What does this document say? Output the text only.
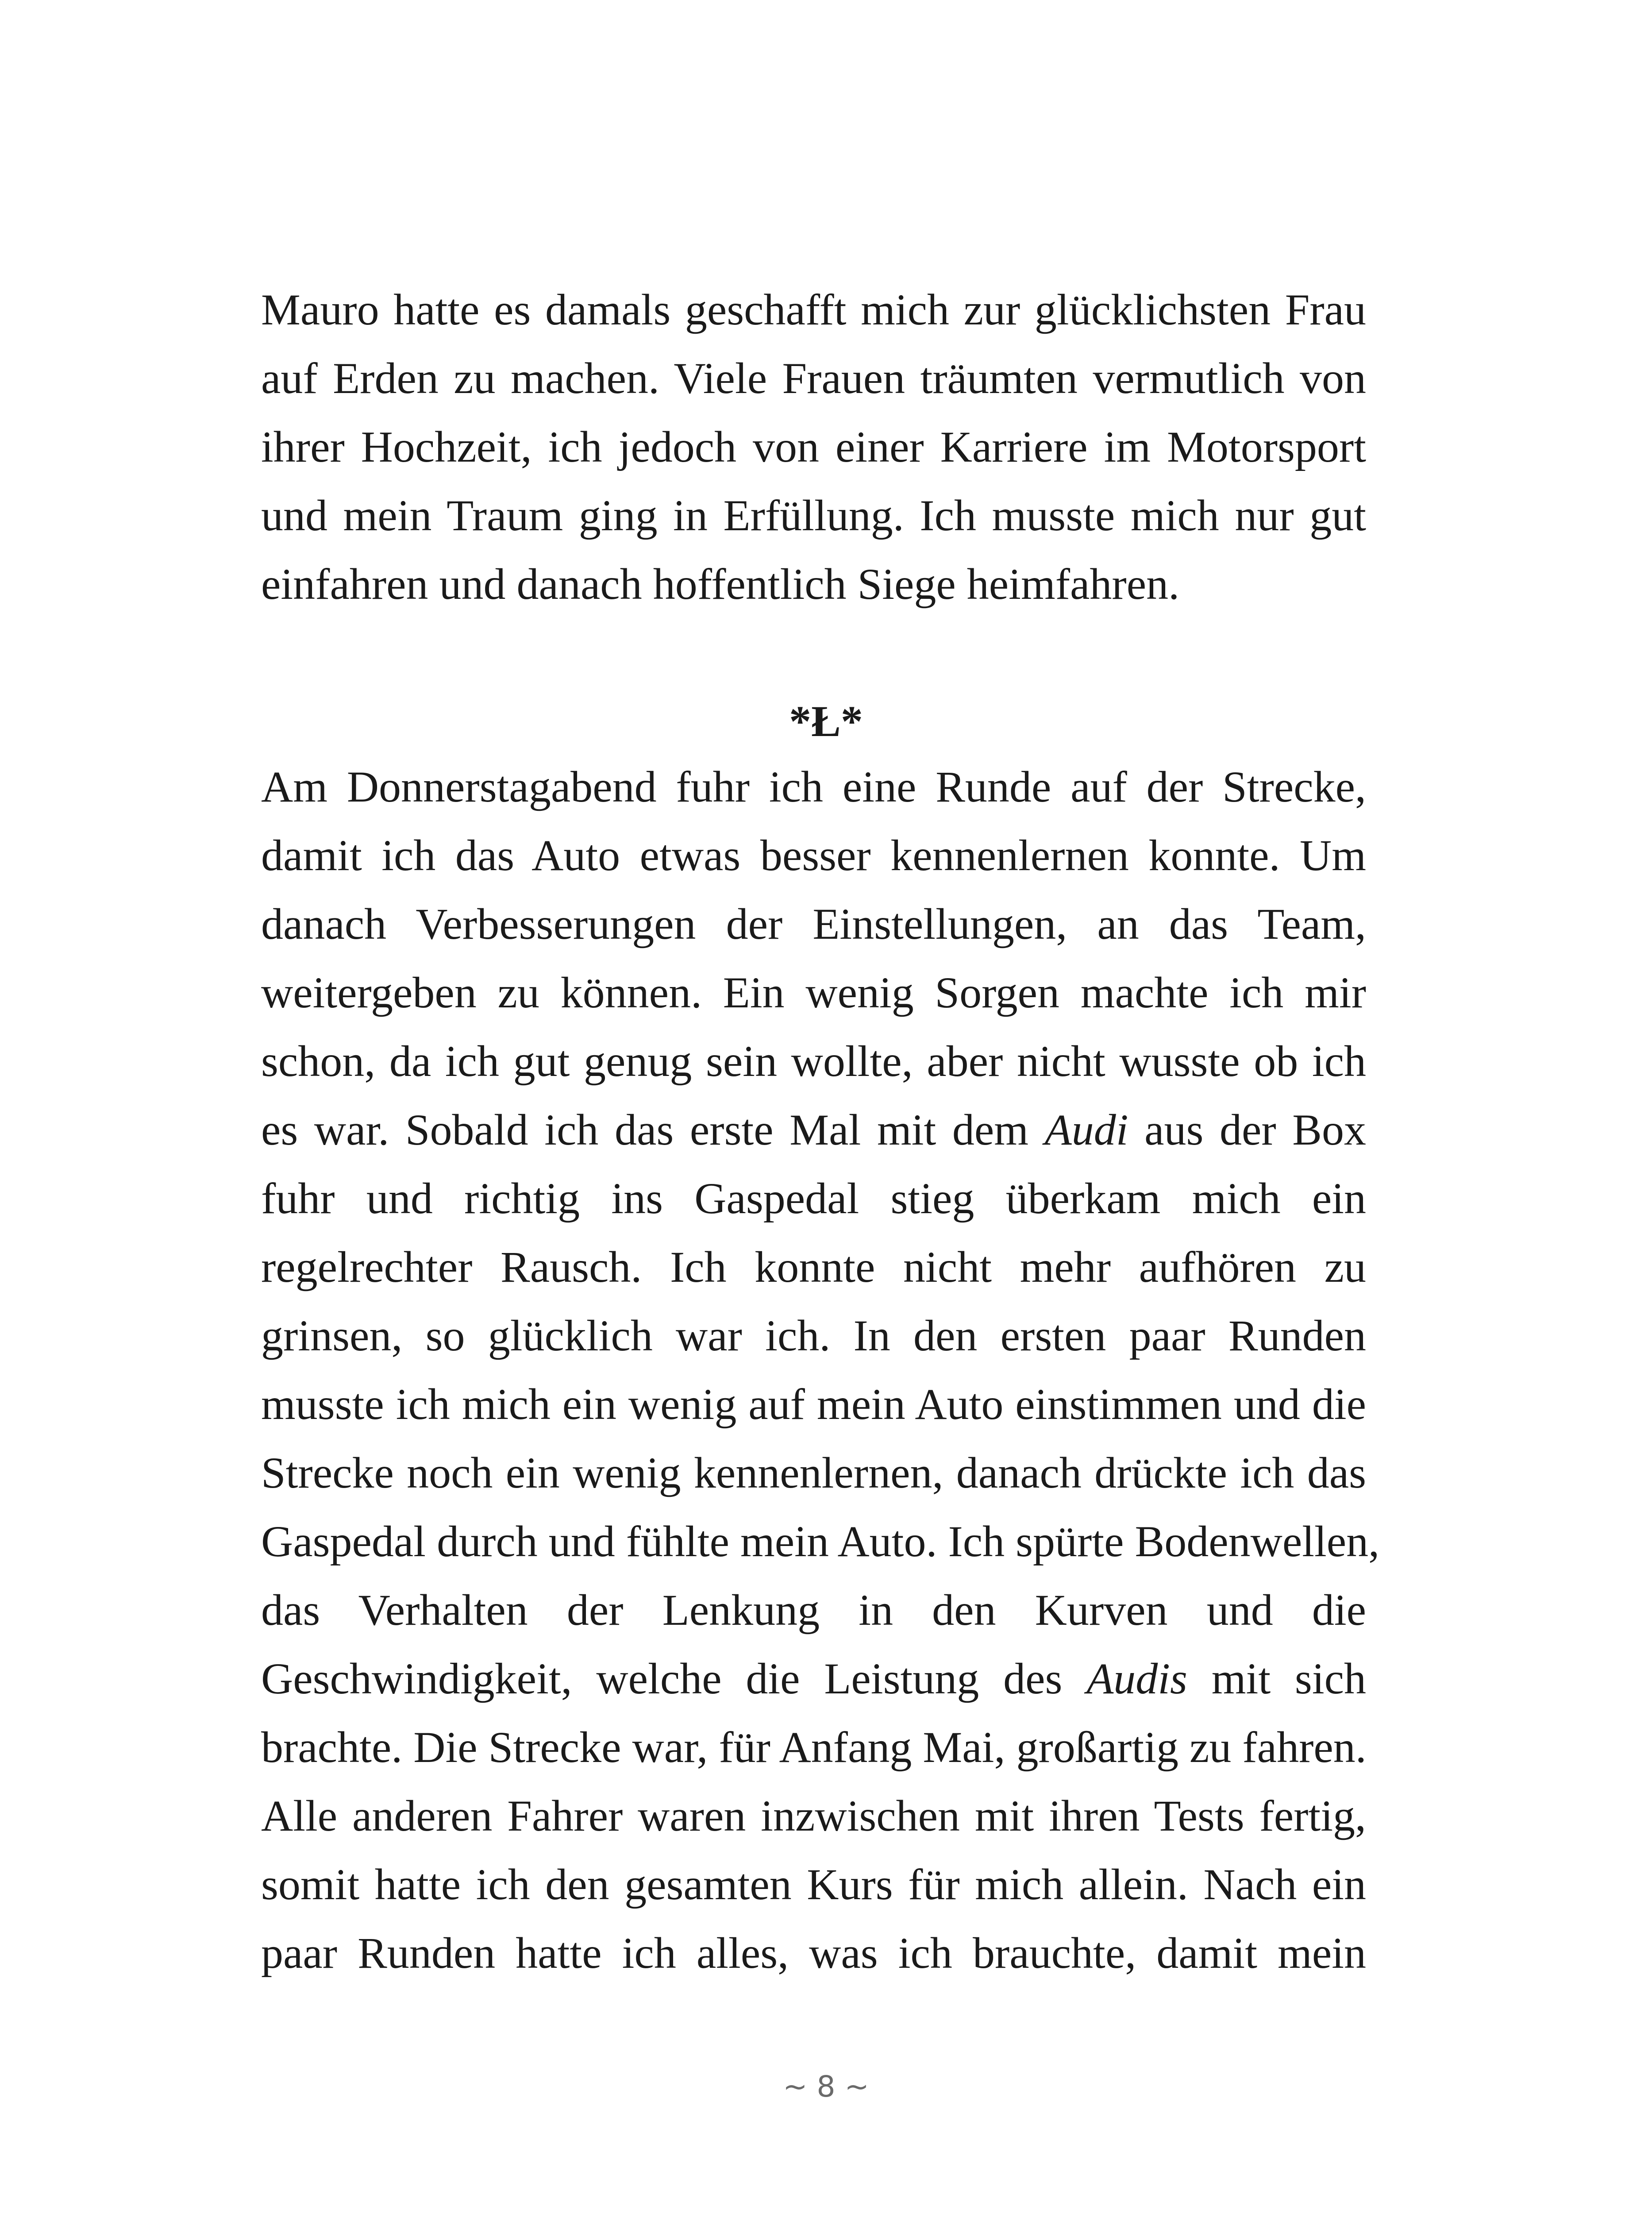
Mauro hatte es damals geschafft mich zur glücklichsten Frau
auf Erden zu machen. Viele Frauen träumten vermutlich von
ihrer Hochzeit, ich jedoch von einer Karriere im Motorsport
und mein Traum ging in Erfüllung. Ich musste mich nur gut
einfahren und danach hoffentlich Siege heimfahren.
*Ł*
Am Donnerstagabend fuhr ich eine Runde auf der Strecke,
damit ich das Auto etwas besser kennenlernen konnte. Um
danach Verbesserungen der Einstellungen, an das Team,
weitergeben zu können. Ein wenig Sorgen machte ich mir
schon, da ich gut genug sein wollte, aber nicht wusste ob ich
es war. Sobald ich das erste Mal mit dem Audi aus der Box
fuhr und richtig ins Gaspedal stieg überkam mich ein
regelrechter Rausch. Ich konnte nicht mehr aufhören zu
grinsen, so glücklich war ich. In den ersten paar Runden
musste ich mich ein wenig auf mein Auto einstimmen und die
Strecke noch ein wenig kennenlernen, danach drückte ich das
Gaspedal durch und fühlte mein Auto. Ich spürte Bodenwellen,
das Verhalten der Lenkung in den Kurven und die
Geschwindigkeit, welche die Leistung des Audis mit sich
brachte. Die Strecke war, für Anfang Mai, großartig zu fahren.
Alle anderen Fahrer waren inzwischen mit ihren Tests fertig,
somit hatte ich den gesamten Kurs für mich allein. Nach ein
paar Runden hatte ich alles, was ich brauchte, damit mein
~ 8 ~
